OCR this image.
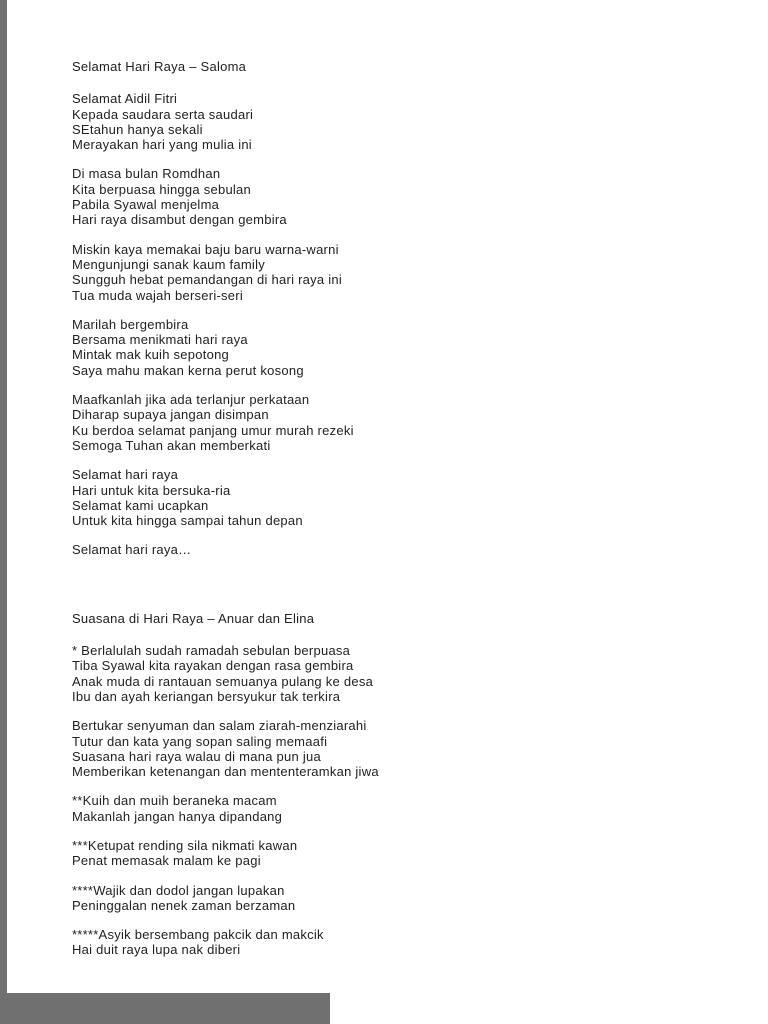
Selamat Hari Raya – Saloma

Selamat Aidil Fitri
Kepada saudara serta saudari
SEtahun hanya sekali
Merayakan hari yang mulia ini

Di masa bulan Romdhan
Kita berpuasa hingga sebulan
Pabila Syawal menjelma
Hari raya disambut dengan gembira

Miskin kaya memakai baju baru warna-warni
Mengunjungi sanak kaum family
Sungguh hebat pemandangan di hari raya ini
Tua muda wajah berseri-seri

Marilah bergembira
Bersama menikmati hari raya
Mintak mak kuih sepotong
Saya mahu makan kerna perut kosong

Maafkanlah jika ada terlanjur perkataan
Diharap supaya jangan disimpan
Ku berdoa selamat panjang umur murah rezeki
Semoga Tuhan akan memberkati

Selamat hari raya
Hari untuk kita bersuka-ria
Selamat kami ucapkan
Untuk kita hingga sampai tahun depan

Selamat hari raya…

Suasana di Hari Raya – Anuar dan Elina

* Berlalulah sudah ramadah sebulan berpuasa
Tiba Syawal kita rayakan dengan rasa gembira
Anak muda di rantauan semuanya pulang ke desa
Ibu dan ayah keriangan bersyukur tak terkira

Bertukar senyuman dan salam ziarah-menziarahi
Tutur dan kata yang sopan saling memaafi
Suasana hari raya walau di mana pun jua
Memberikan ketenangan dan mententeramkan jiwa

**Kuih dan muih beraneka macam
Makanlah jangan hanya dipandang

***Ketupat rending sila nikmati kawan
Penat memasak malam ke pagi

****Wajik dan dodol jangan lupakan
Peninggalan nenek zaman berzaman

*****Asyik bersembang pakcik dan makcik
Hai duit raya lupa nak diberi
